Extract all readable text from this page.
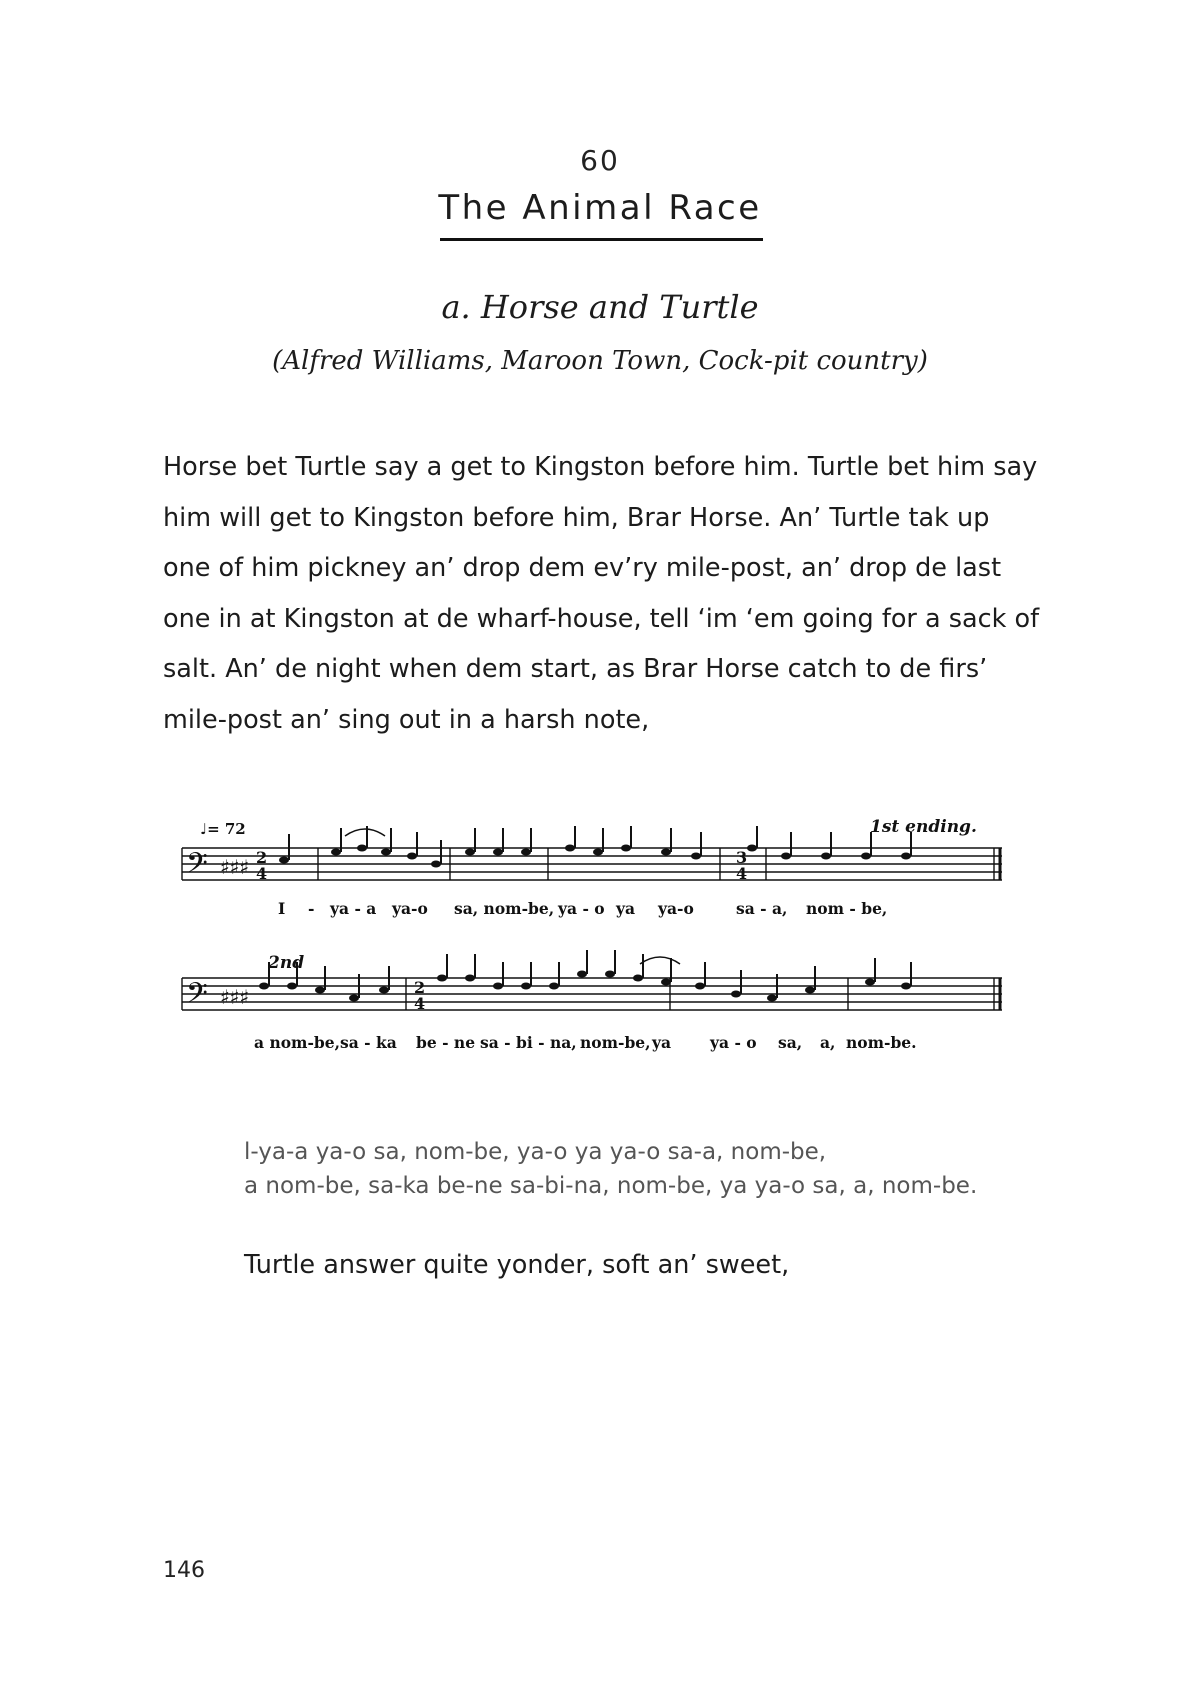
60
The Animal Race
a. Horse and Turtle
(Alfred Williams, Maroon Town, Cock-pit country)

Horse bet Turtle say a get to Kingston before him. Turtle bet him say him will get to Kingston before him, Brar Horse. An’ Turtle tak up one of him pickney an’ drop dem ev’ry mile-post, an’ drop de last one in at Kingston at de wharf-house, tell ‘im ‘em going for a sack of salt. An’ de night when dem start, as Brar Horse catch to de firs’ mile-post an’ sing out in a harsh note,

♩= 72	1st ending.
2nd
𝄢 ♯♯♯ 2
4
3
4
I - ya - a ya-o sa, nom-be, ya - o ya ya-o	sa - a, nom - be,
𝄢 ♯♯♯	2
4
a nom-be, sa - ka be - ne sa - bi - na, nom-be, ya	ya - o sa, a, nom-be.
l-ya-a ya-o sa, nom-be, ya-o ya ya-o sa-a, nom-be,
a nom-be, sa-ka be-ne sa-bi-na, nom-be, ya ya-o sa, a, nom-be.
Turtle answer quite yonder, soft an’ sweet,
146
